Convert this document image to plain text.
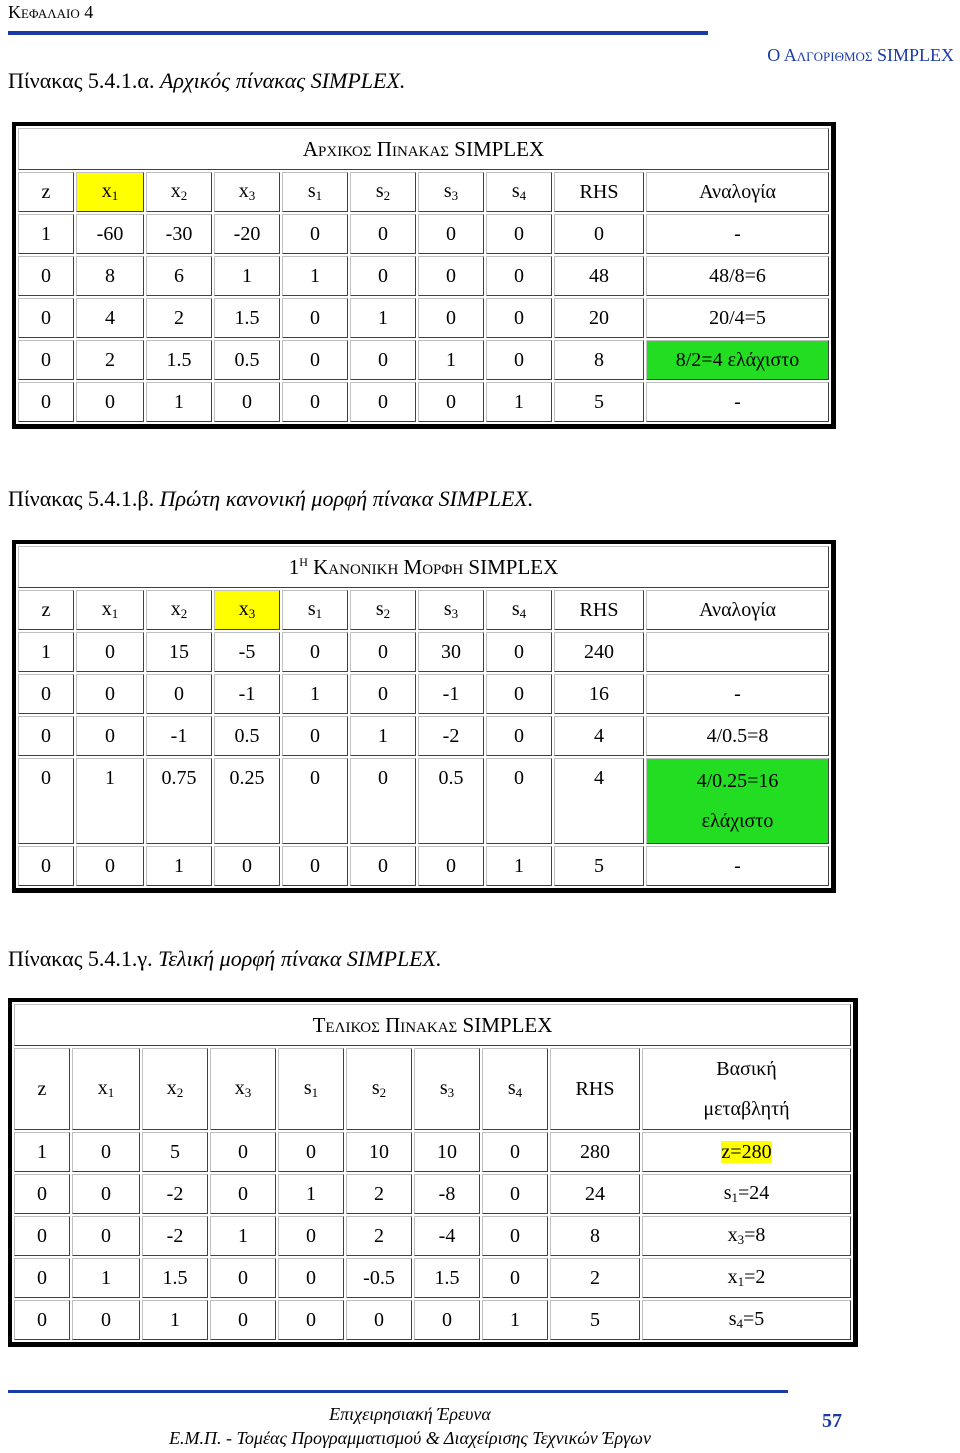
Κεφαλαιο 4
Ο Αλγοριθμος SIMPLEX
Πίνακας 5.4.1.α. Αρχικός πίνακας SIMPLEX.
Αρχικος Πινακας SIMPLEX									
z	$x_1$	$x_2$	$x_3$	$s_1$	$s_2$	$s_3$	$s_4$	RHS	Αναλογία
1	-60	-30	-20	0	0	0	0	0	-
0	8	6	1	1	0	0	0	48	48/8=6
0	4	2	1.5	0	1	0	0	20	20/4=5
0	2	1.5	0.5	0	0	1	0	8	8/2=4 ελάχιστο
0	0	1	0	0	0	0	1	5	-
Πίνακας 5.4.1.β. Πρώτη κανονική μορφή πίνακα SIMPLEX.
$1^H$ Κανονικη Μορφη SIMPLEX									
z	$x_1$	$x_2$	$x_3$	$s_1$	$s_2$	$s_3$	$s_4$	RHS	Αναλογία
1	0	15	-5	0	0	30	0	240	
0	0	0	-1	1	0	-1	0	16	-
0	0	-1	0.5	0	1	-2	0	4	4/0.5=8
0	1	0.75	0.25	0	0	0.5	0	4	4/0.25=16 ελάχιστο
0	0	1	0	0	0	0	1	5	-
Πίνακας 5.4.1.γ. Τελική μορφή πίνακα SIMPLEX.
Τελικος Πινακας SIMPLEX									
z	$x_1$	$x_2$	$x_3$	$s_1$	$s_2$	$s_3$	$s_4$	RHS	Βασική μεταβλητή
1	0	5	0	0	10	10	0	280	z=280
0	0	-2	0	1	2	-8	0	24	$s_1=24$
0	0	-2	1	0	2	-4	0	8	$x_3=8$
0	1	1.5	0	0	-0.5	1.5	0	2	$x_1=2$
0	0	1	0	0	0	0	1	5	$s_4=5$
Επιχειρησιακή Έρευνα
Ε.Μ.Π. - Τομέας Προγραμματισμού & Διαχείρισης Τεχνικών Έργων
57
